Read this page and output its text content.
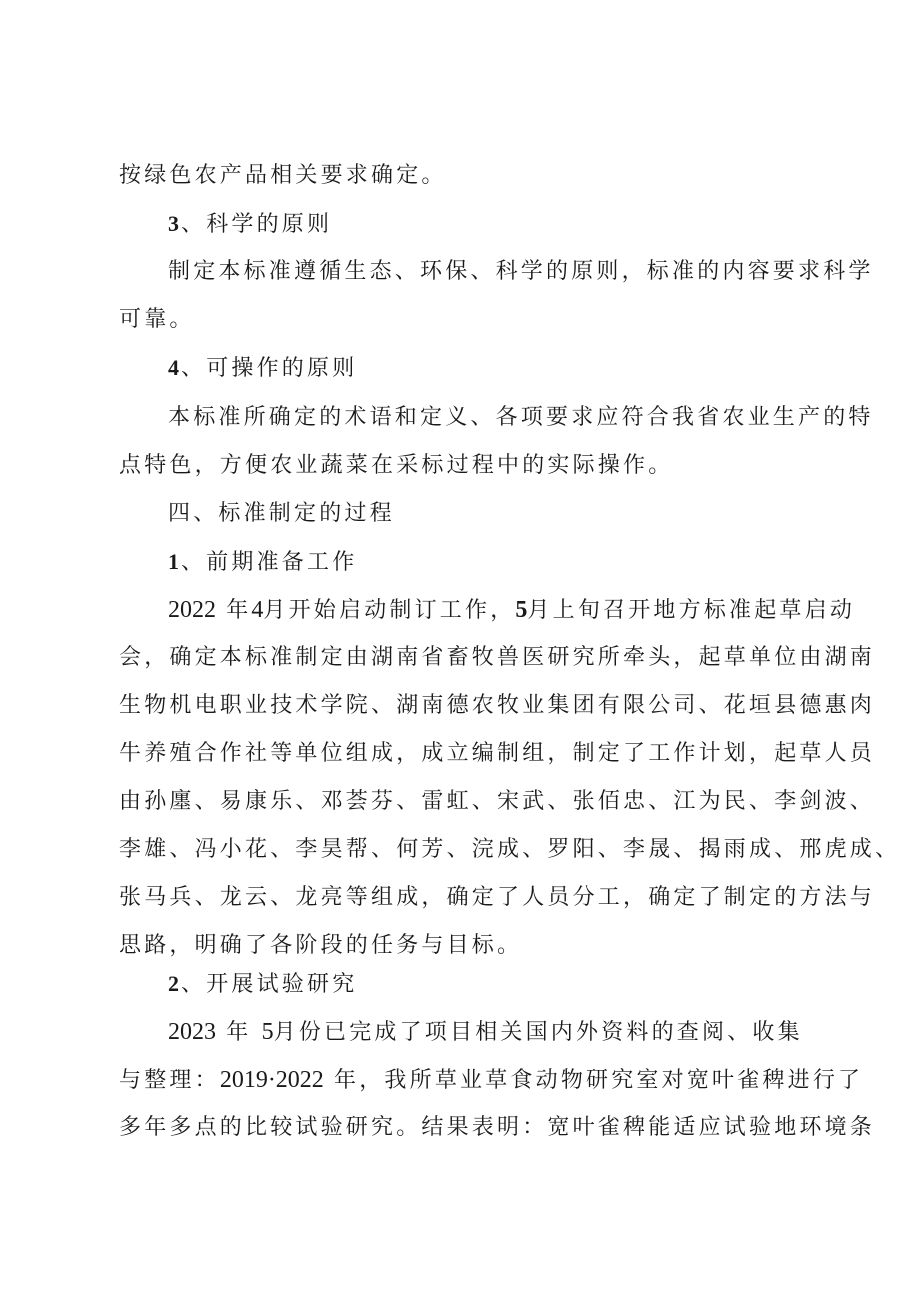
按绿色农产品相关要求确定。
3、科学的原则
制定本标准遵循生态、环保、科学的原则，标准的内容要求科学
可靠。
4、可操作的原则
本标准所确定的术语和定义、各项要求应符合我省农业生产的特
点特色，方便农业蔬菜在采标过程中的实际操作。
四、标准制定的过程
1、前期准备工作
2022 年4月开始启动制订工作，5月上旬召开地方标准起草启动
会，确定本标准制定由湖南省畜牧兽医研究所牵头，起草单位由湖南
生物机电职业技术学院、湖南德农牧业集团有限公司、花垣县德惠肉
牛养殖合作社等单位组成，成立编制组，制定了工作计划，起草人员
由孙廛、易康乐、邓荟芬、雷虹、宋武、张佰忠、江为民、李剑波、
李雄、冯小花、李昊帮、何芳、浣成、罗阳、李晟、揭雨成、邢虎成、
张马兵、龙云、龙亮等组成，确定了人员分工，确定了制定的方法与
思路，明确了各阶段的任务与目标。
2、开展试验研究
2023 年 5月份已完成了项目相关国内外资料的查阅、收集
与整理：2019·2022 年，我所草业草食动物研究室对宽叶雀稗进行了
多年多点的比较试验研究。结果表明：宽叶雀稗能适应试验地环境条
